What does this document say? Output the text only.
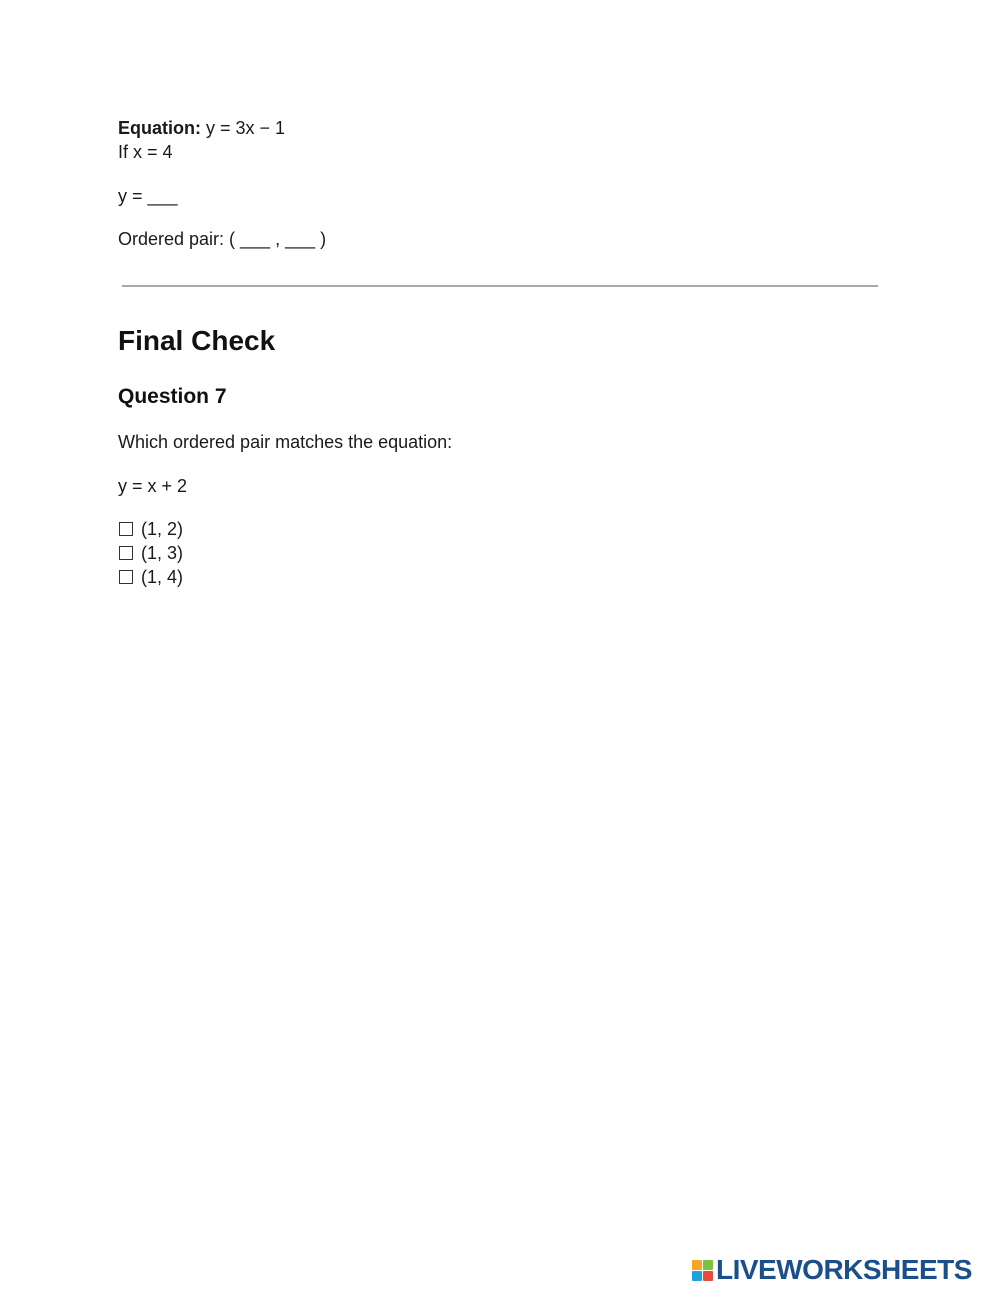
Equation: y = 3x − 1
If x = 4
y = ___
Ordered pair: ( ___ , ___ )
Final Check
Question 7
Which ordered pair matches the equation:
y = x + 2
(1, 2)
(1, 3)
(1, 4)
LIVEWORKSHEETS
